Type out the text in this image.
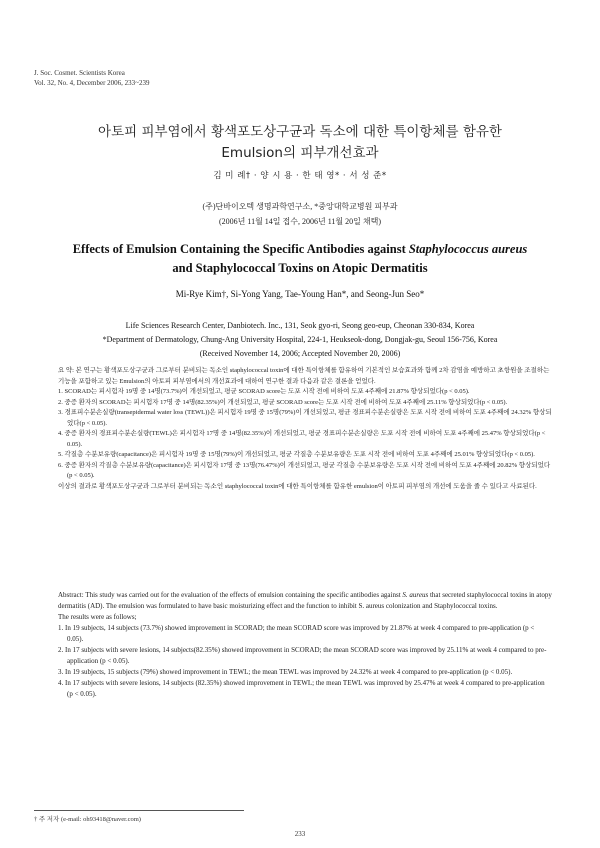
J. Soc. Cosmet. Scientists Korea
Vol. 32, No. 4, December 2006, 233~239
아토피 피부염에서 황색포도상구균과 독소에 대한 특이항체를 함유한
Emulsion의 피부개선효과
김 미 례† · 양 시 용 · 한 태 영* · 서 성 준*
(주)단바이오텍 생명과학연구소, *중앙대학교병원 피부과
(2006년 11월 14일 접수, 2006년 11월 20일 채택)
Effects of Emulsion Containing the Specific Antibodies against Staphylococcus aureus
and Staphylococcal Toxins on Atopic Dermatitis
Mi-Rye Kim†, Si-Yong Yang, Tae-Young Han*, and Seong-Jun Seo*
Life Sciences Research Center, Danbiotech. Inc., 131, Seok gyo-ri, Seong geo-eup, Cheonan 330-834, Korea
*Department of Dermatology, Chung-Ang University Hospital, 224-1, Heukseok-dong, Dongjak-gu, Seoul 156-756, Korea
(Received November 14, 2006; Accepted November 20, 2006)

요 약: 본 연구는 황색포도상구균과 그로부터 분비되는 독소인 staphylococcal toxin에 대한 특이항체를 함유하여 기본적인 보습효과와 함께 2차 감염을 예방하고 초항원을 조절하는 기능을 포함하고 있는 Emulsion의 아토피 피부염에서의 개선효과에 대하여 연구한 결과 다음과 같은 결론을 얻었다.

1. SCORAD는 피시험자 19명 중 14명(73.7%)이 개선되었고, 평균 SCORAD score는 도포 시작 전에 비하여 도포 4주째에 21.87% 향상되었다(p < 0.05).
2. 중증 환자의 SCORAD는 피시험자 17명 중 14명(82.35%)이 개선되었고, 평균 SCORAD score는 도포 시작 전에 비하여 도포 4주째에 25.11% 향상되었다(p < 0.05).
3. 경표피수분손실량(transepidermal water loss (TEWL))은 피시험자 19명 중 15명(79%)이 개선되었고, 평균 경표피수분손실량은 도포 시작 전에 비하여 도포 4주째에 24.32% 향상되었다(p < 0.05).
4. 중증 환자의 경표피수분손실량(TEWL)은 피시험자 17명 중 14명(82.35%)이 개선되었고, 평균 경표피수분손실량은 도포 시작 전에 비하여 도포 4주째에 25.47% 향상되었다(p < 0.05).
5. 각질층 수분보유량(capacitance)은 피시험자 19명 중 15명(79%)이 개선되었고, 평균 각질층 수분보유량은 도포 시작 전에 비하여 도포 4주째에 25.01% 향상되었다(p < 0.05).
6. 중증 환자의 각질층 수분보유량(capacitance)은 피시험자 17명 중 13명(76.47%)이 개선되었고, 평균 각질층 수분보유량은 도포 시작 전에 비하여 도포 4주째에 20.82% 향상되었다(p < 0.05).

이상의 결과로 황색포도상구균과 그로부터 분비되는 독소인 staphylococcal toxin에 대한 특이항체를 함유한 emulsion이 아토피 피부염의 개선에 도움을 줄 수 있다고 사료된다.

Abstract: This study was carried out for the evaluation of the effects of emulsion containing the specific antibodies against S. aureus that secreted staphylococcal toxins in atopy dermatitis (AD). The emulsion was formulated to have basic moisturizing effect and the function to inhibit S. aureus colonization and Staphylococcal toxins.

The results were as follows;

1. In 19 subjects, 14 subjects (73.7%) showed improvement in SCORAD; the mean SCORAD score was improved by 21.87% at week 4 compared to pre-application (p < 0.05).
2. In 17 subjects with severe lesions, 14 subjects(82.35%) showed improvement in SCORAD; the mean SCORAD score was improved by 25.11% at week 4 compared to pre-application (p < 0.05).
3. In 19 subjects, 15 subjects (79%) showed improvement in TEWL; the mean TEWL was improved by 24.32% at week 4 compared to pre-application (p < 0.05).
4. In 17 subjects with severe lesions, 14 subjects (82.35%) showed improvement in TEWL; the mean TEWL was improved by 25.47% at week 4 compared to pre-application (p < 0.05).
† 주 저자 (e-mail: oh93418@naver.com)
233
